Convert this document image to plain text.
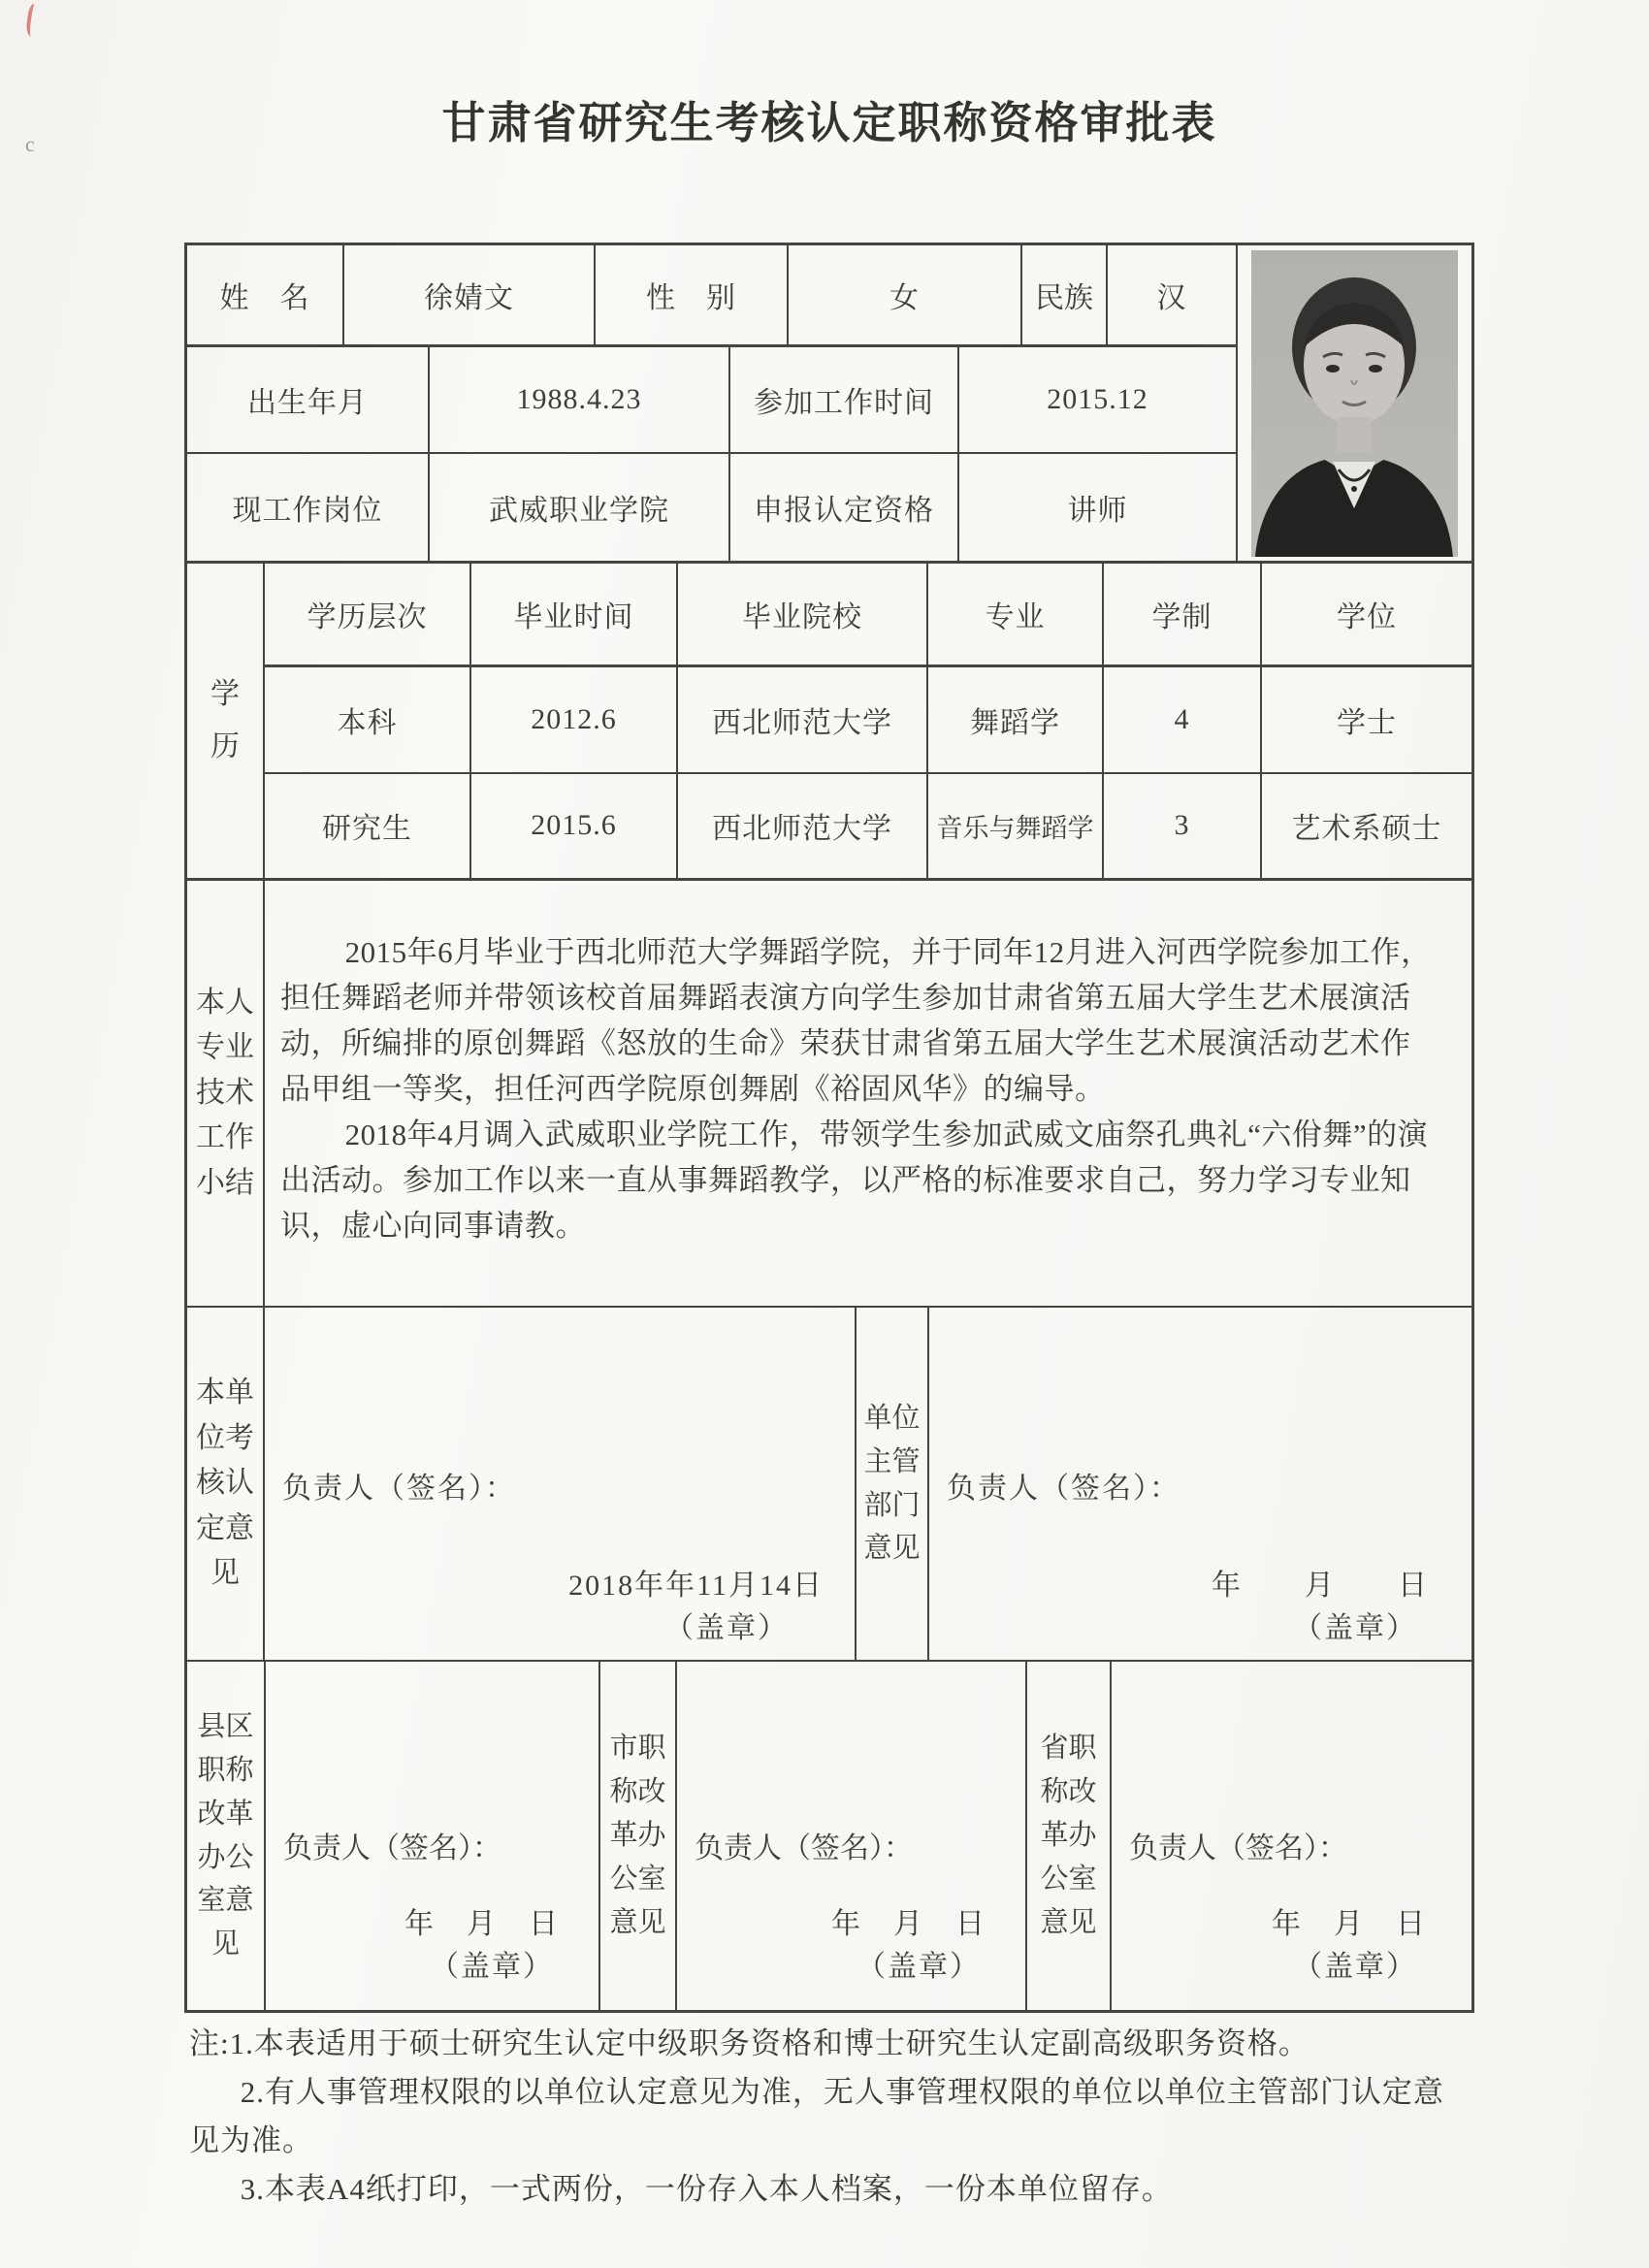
c	甘肃省研究生考核认定职称资格审批表
姓　名	徐婧文	性　别	女	民族	汉
出生年月	1988.4.23	参加工作时间	2015.12
现工作岗位	武威职业学院	申报认定资格	讲师
学历
学历层次	毕业时间	毕业院校	专业	学制	学位
本科	2012.6	西北师范大学	舞蹈学	4	学士
研究生	2015.6	西北师范大学	音乐与舞蹈学	3	艺术系硕士
本人专业技术工作小结

2015年6月毕业于西北师范大学舞蹈学院，并于同年12月进入河西学院参加工作，担任舞蹈老师并带领该校首届舞蹈表演方向学生参加甘肃省第五届大学生艺术展演活动，所编排的原创舞蹈《怒放的生命》荣获甘肃省第五届大学生艺术展演活动艺术作品甲组一等奖，担任河西学院原创舞剧《裕固风华》的编导。

2018年4月调入武威职业学院工作，带领学生参加武威文庙祭孔典礼“六佾舞”的演出活动。参加工作以来一直从事舞蹈教学，以严格的标准要求自己，努力学习专业知识，虚心向同事请教。

本单位考核认定意见
负责人（签名）：
2018年年11月14日
（盖章）
单位主管部门意见
负责人（签名）：
年　　月　　日
（盖章）
县区职称改革办公室意见
负责人（签名）：
年　月　日
（盖章）
市职称改革办公室意见
负责人（签名）：
年　月　日
（盖章）
省职称改革办公室意见
负责人（签名）：
年　月　日
（盖章）
注:1.本表适用于硕士研究生认定中级职务资格和博士研究生认定副高级职务资格。
2.有人事管理权限的以单位认定意见为准，无人事管理权限的单位以单位主管部门认定意见为准。
3.本表A4纸打印，一式两份，一份存入本人档案，一份本单位留存。
